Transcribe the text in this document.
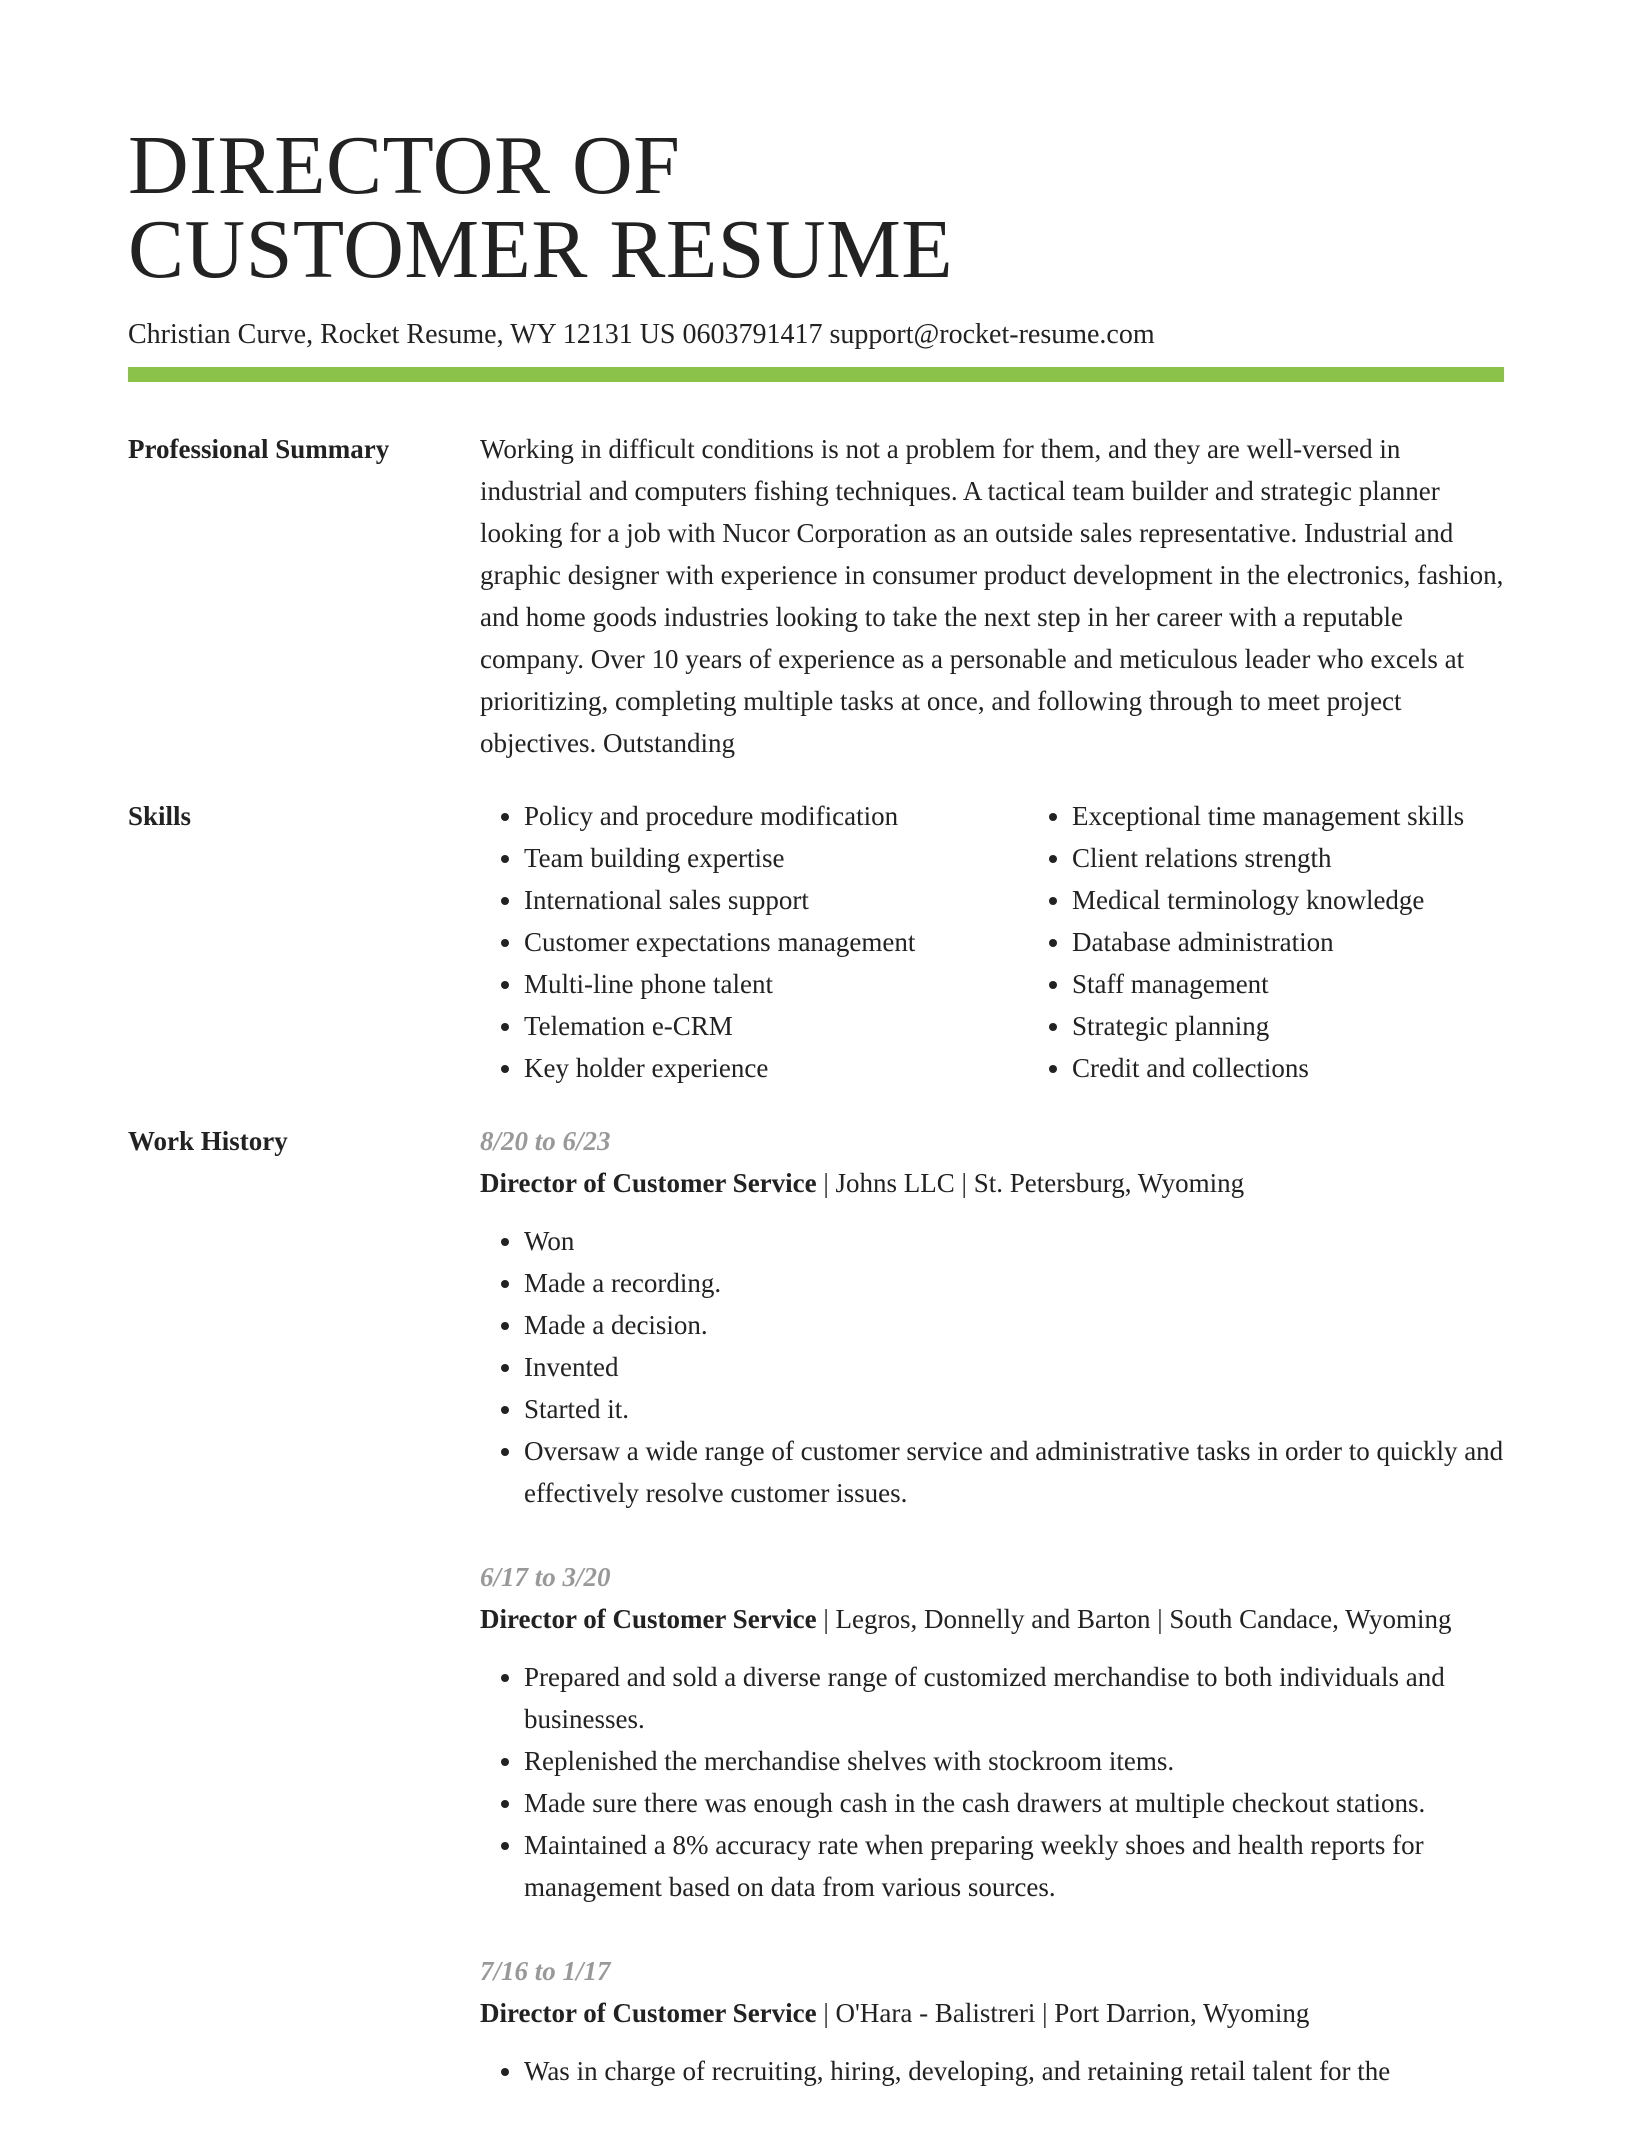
DIRECTOR OF
CUSTOMER RESUME
Christian Curve, Rocket Resume, WY 12131 US 0603791417 support@rocket-resume.com
Professional Summary	Working in difficult conditions is not a problem for them, and they are well-versed in industrial and computers fishing techniques. A tactical team builder and strategic planner looking for a job with Nucor Corporation as an outside sales representative. Industrial and graphic designer with experience in consumer product development in the electronics, fashion, and home goods industries looking to take the next step in her career with a reputable company. Over 10 years of experience as a personable and meticulous leader who excels at prioritizing, completing multiple tasks at once, and following through to meet project objectives. Outstanding
Skills
•	Policy and procedure modification
• Team building expertise
• International sales support
• Customer expectations management
• Multi-line phone talent
• Telemation e-CRM
• Key holder experience
• Exceptional time management skills
• Client relations strength
• Medical terminology knowledge
• Database administration
• Staff management
• Strategic planning
• Credit and collections
Work History	8/20 to 6/23
Director of Customer Service | Johns LLC | St. Petersburg, Wyoming
• Won
• Made a recording.
• Made a decision.
• Invented
• Started it.
• Oversaw a wide range of customer service and administrative tasks in order to quickly and effectively resolve customer issues.
6/17 to 3/20
Director of Customer Service | Legros, Donnelly and Barton | South Candace, Wyoming
• Prepared and sold a diverse range of customized merchandise to both individuals and businesses.
• Replenished the merchandise shelves with stockroom items.
• Made sure there was enough cash in the cash drawers at multiple checkout stations.
• Maintained a 8% accuracy rate when preparing weekly shoes and health reports for management based on data from various sources.
7/16 to 1/17
Director of Customer Service | O'Hara - Balistreri | Port Darrion, Wyoming
• Was in charge of recruiting, hiring, developing, and retaining retail talent for the
